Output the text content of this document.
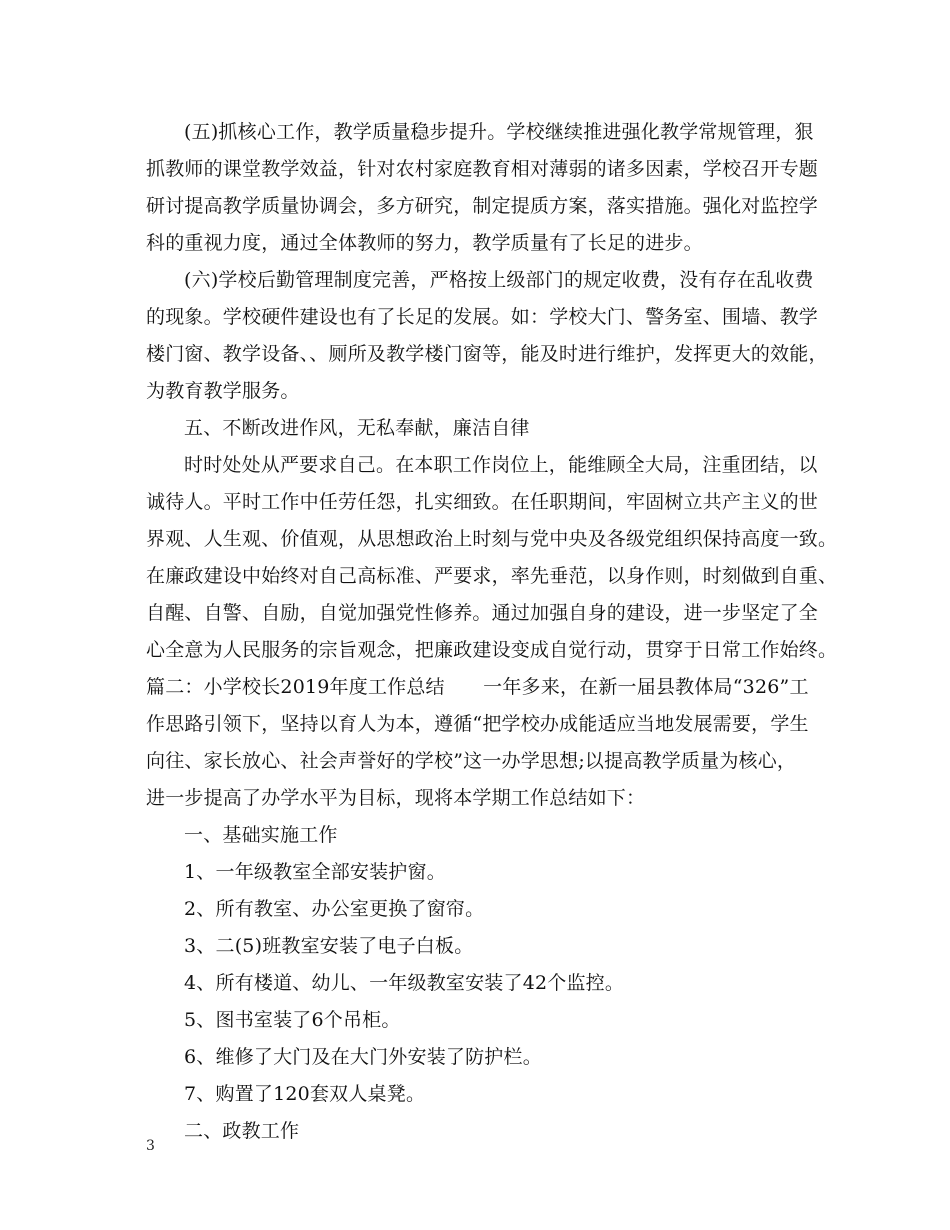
(五)抓核心工作，教学质量稳步提升。学校继续推进强化教学常规管理，狠
抓教师的课堂教学效益，针对农村家庭教育相对薄弱的诸多因素，学校召开专题
研讨提高教学质量协调会，多方研究，制定提质方案，落实措施。强化对监控学
科的重视力度，通过全体教师的努力，教学质量有了长足的进步。
(六)学校后勤管理制度完善，严格按上级部门的规定收费，没有存在乱收费
的现象。学校硬件建设也有了长足的发展。如：学校大门、警务室、围墙、教学
楼门窗、教学设备、、厕所及教学楼门窗等，能及时进行维护，发挥更大的效能，
为教育教学服务。
五、不断改进作风，无私奉献，廉洁自律
时时处处从严要求自己。在本职工作岗位上，能维顾全大局，注重团结，以
诚待人。平时工作中任劳任怨，扎实细致。在任职期间，牢固树立共产主义的世
界观、人生观、价值观，从思想政治上时刻与党中央及各级党组织保持高度一致。
在廉政建设中始终对自己高标准、严要求，率先垂范，以身作则，时刻做到自重、
自醒、自警、自励，自觉加强党性修养。通过加强自身的建设，进一步坚定了全
心全意为人民服务的宗旨观念，把廉政建设变成自觉行动，贯穿于日常工作始终。
篇二：小学校长2019年度工作总结　　一年多来，在新一届县教体局“326”工
作思路引领下，坚持以育人为本，遵循“把学校办成能适应当地发展需要，学生
向往、家长放心、社会声誉好的学校”这一办学思想;以提高教学质量为核心，
进一步提高了办学水平为目标，现将本学期工作总结如下：
一、基础实施工作
1、一年级教室全部安装护窗。
2、所有教室、办公室更换了窗帘。
3、二(5)班教室安装了电子白板。
4、所有楼道、幼儿、一年级教室安装了42个监控。
5、图书室装了6个吊柜。
6、维修了大门及在大门外安装了防护栏。
7、购置了120套双人桌凳。
二、政教工作
3
